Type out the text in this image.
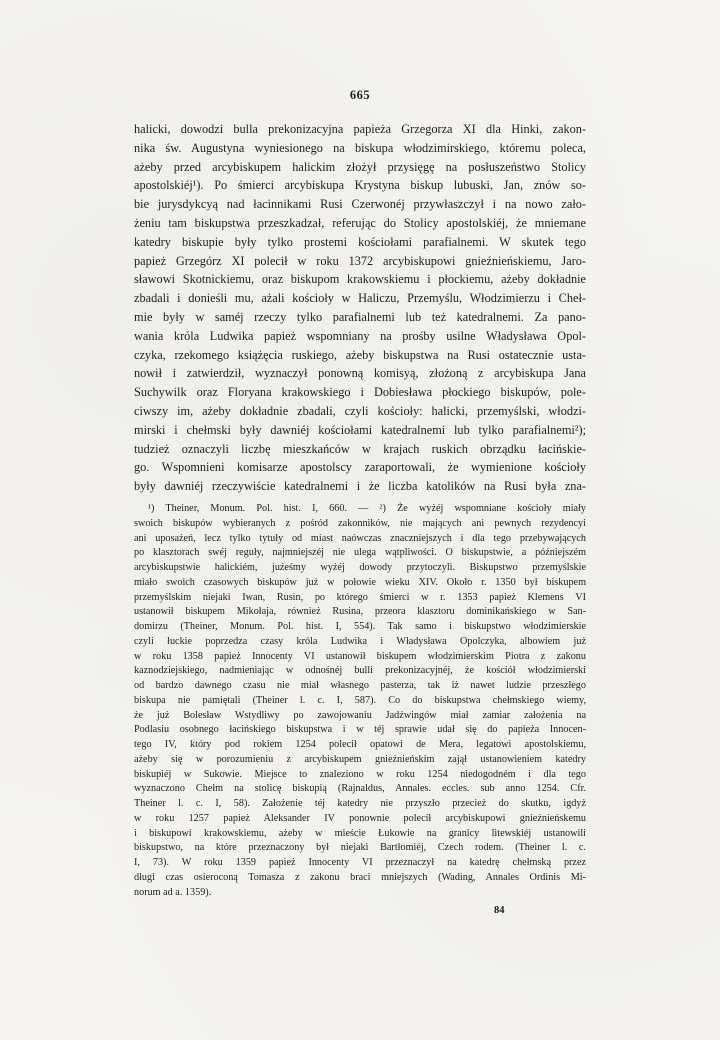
665
halicki, dowodzi bulla prekonizacyjna papieża Grzegorza XI dla Hinki, zakon-
nika św. Augustyna wyniesionego na biskupa włodzimirskiego, któremu poleca,
ażeby przed arcybiskupem halickim złożył przysięgę na posłuszeństwo Stolicy
apostolskiéj¹). Po śmierci arcybiskupa Krystyna biskup lubuski, Jan, znów so-
bie jurysdykcyą nad łacinnikami Rusi Czerwonéj przywłaszczył i na nowo zało-
żeniu tam biskupstwa przeszkadzał, referując do Stolicy apostolskiéj, że mniemane
katedry biskupie były tylko prostemi kościołami parafialnemi. W skutek tego
papież Grzegórz XI polecił w roku 1372 arcybiskupowi gnieźnieńskiemu, Jaro-
sławowi Skotnickiemu, oraz biskupom krakowskiemu i płockiemu, ażeby dokładnie
zbadali i donieśli mu, ażali kościoły w Haliczu, Przemyślu, Włodzimierzu i Cheł-
mie były w saméj rzeczy tylko parafialnemi lub też katedralnemi. Za pano-
wania króla Ludwika papież wspomniany na prośby usilne Władysława Opol-
czyka, rzekomego książęcia ruskiego, ażeby biskupstwa na Rusi ostatecznie usta-
nowił i zatwierdził, wyznaczył ponowną komisyą, złożoną z arcybiskupa Jana
Suchywilk oraz Floryana krakowskiego i Dobiesława płockiego biskupów, pole-
ciwszy im, ażeby dokładnie zbadali, czyli kościoły: halicki, przemyślski, włodzi-
mirski i chełmski były dawniéj kościołami katedralnemi lub tylko parafialnemi²);
tudzież oznaczyli liczbę mieszkańców w krajach ruskich obrządku łacińskie-
go. Wspomnieni komisarze apostolscy zaraportowali, że wymienione kościoły
były dawniéj rzeczywiście katedralnemi i że liczba katolików na Rusi była zna-
¹) Theiner, Monum. Pol. hist. I, 660. — ²) Że wyżéj wspomniane kościoły miały
swoich biskupów wybieranych z pośród zakonników, nie mających ani pewnych rezydencyi
ani uposażeń, lecz tylko tytuły od miast naówczas znaczniejszych i dla tego przebywających
po klasztorach swéj reguły, najmniejszéj nie ulega wątpliwości. O biskupstwie, a późniejszém
arcybiskupstwie halickiém, juźeśmy wyżéj dowody przytoczyli. Biskupstwo przemyślskie
miało swoich czasowych biskupów już w połowie wieku XIV. Około r. 1350 był biskupem
przemyślskim niejaki Iwan, Rusin, po którego śmierci w r. 1353 papież Klemens VI
ustanowił biskupem Mikołaja, również Rusina, przeora klasztoru dominikańskiego w San-
domirzu (Theiner, Monum. Pol. hist. I, 554). Tak samo i biskupstwo włodzimierskie
czyli łuckie poprzedza czasy króla Ludwika i Władysława Opolczyka, albowiem już
w roku 1358 papież Innocenty VI ustanowił biskupem włodzimierskim Piotra z zakonu
kaznodziejskiego, nadmieniając w odnośnéj bulli prekonizacyjnéj, że kościół włodzimierski
od bardzo dawnego czasu nie miał własnego pasterza, tak iż nawet ludzie przeszłego
biskupa nie pamiętali (Theiner l. c. I, 587). Co do biskupstwa chełmskiego wiemy,
że już Bolesław Wstydliwy po zawojowaniu Jadźwingów miał zamiar założenia na
Podlasiu osobnego łacińskiego biskupstwa i w téj sprawie udał się do papieża Innocen-
tego IV, który pod rokiem 1254 polecił opatowi de Mera, legatowi apostolskiemu,
ażeby się w porozumieniu z arcybiskupem gnieźnieńskim zajął ustanowieniem katedry
biskupiéj w Sukowie. Miejsce to znaleziono w roku 1254 niedogodném i dla tego
wyznaczono Chełm na stolicę biskupią (Rajnaldus, Annales. eccles. sub anno 1254. Cfr.
Theiner l. c. I, 58). Założenie téj katedry nie przyszło przecież do skutku, igdyż
w roku 1257 papież Aleksander IV ponownie polecił arcybiskupowi gnieźnieńskemu
i biskupowi krakowskiemu, ażeby w mieście Łukowie na granicy litewskiéj ustanowili
biskupstwo, na które przeznaczony był niejaki Bartłomiéj, Czech rodem. (Theiner l. c.
I, 73). W roku 1359 papież Innocenty VI przeznaczył na katedrę chełmską przez
długi czas osieroconą Tomasza z zakonu braci mniejszych (Wading, Annales Ordinis Mi-
norum ad a. 1359).
84
